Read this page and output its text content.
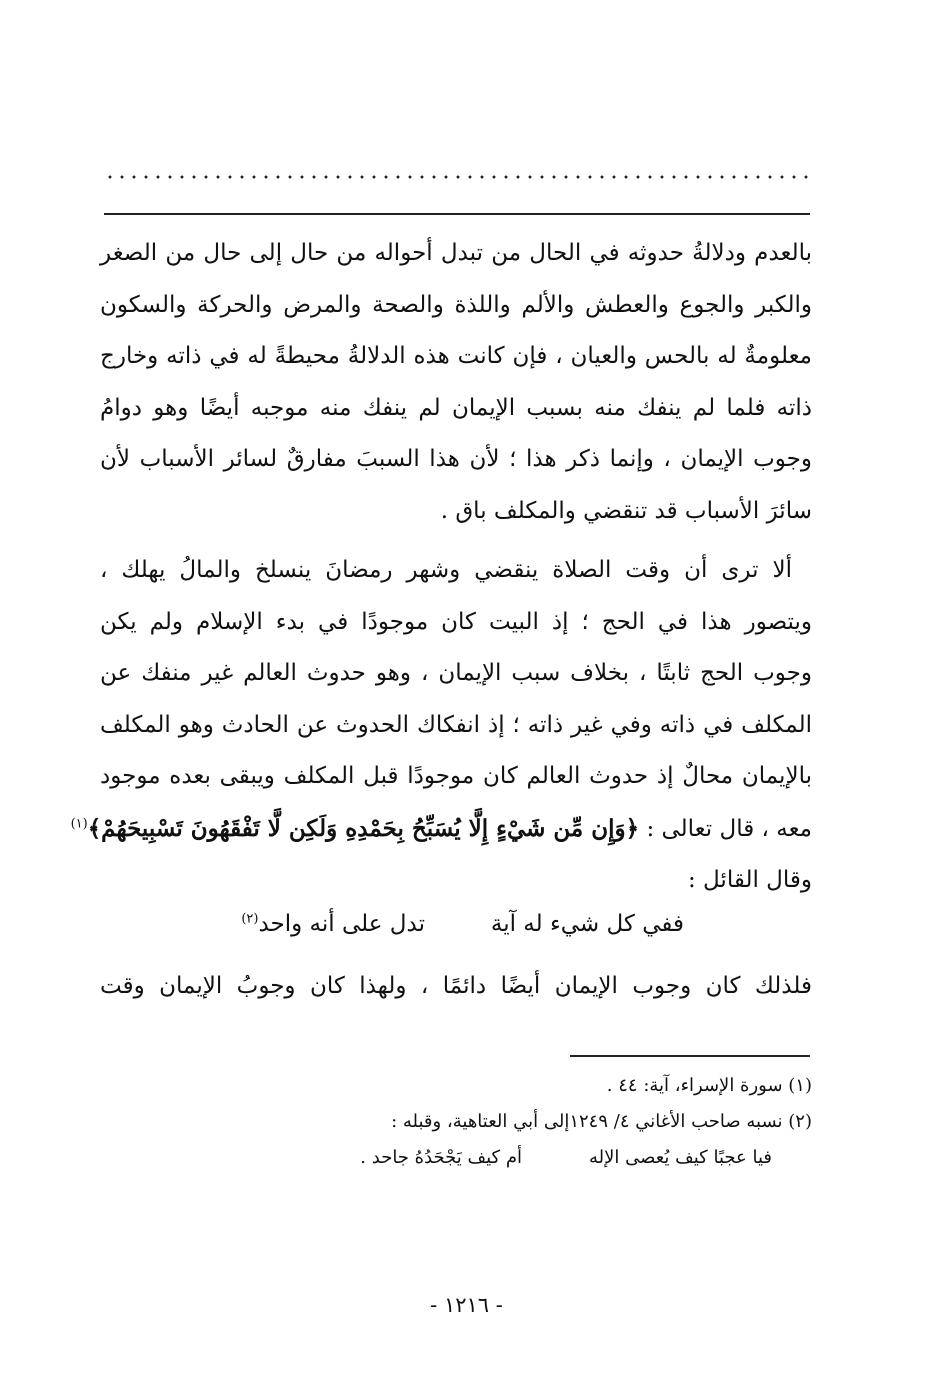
بالعدم ودلالةُ حدوثه في الحال من تبدل أحواله من حال إلى حال من الصغر
والكبر والجوع والعطش والألم واللذة والصحة والمرض والحركة والسكون
معلومةٌ له بالحس والعيان ، فإن كانت هذه الدلالةُ محيطةً له في ذاته وخارج
ذاته فلما لم ينفك منه بسبب الإيمان لم ينفك منه موجبه أيضًا وهو دوامُ
وجوب الإيمان ، وإنما ذكر هذا ؛ لأن هذا السببَ مفارقٌ لسائر الأسباب لأن
سائرَ الأسباب قد تنقضي والمكلف باق .

ألا ترى أن وقت الصلاة ينقضي وشهر رمضانَ ينسلخ والمالُ يهلك ،
ويتصور هذا في الحج ؛ إذ البيت كان موجودًا في بدء الإسلام ولم يكن
وجوب الحج ثابتًا ، بخلاف سبب الإيمان ، وهو حدوث العالم غير منفك عن
المكلف في ذاته وفي غير ذاته ؛ إذ انفكاك الحدوث عن الحادث وهو المكلف
بالإيمان محالٌ إذ حدوث العالم كان موجودًا قبل المكلف ويبقى بعده موجود
معه ، قال تعالى : ﴿وَإِن مِّن شَيْءٍ إِلَّا يُسَبِّحُ بِحَمْدِهِ وَلَكِن لَّا تَفْقَهُونَ تَسْبِيحَهُمْ﴾$^{(١)}$
وقال القائل :

ففي كل شيء له آية
تدل على أنه واحد$^{(٢)}$
فلذلك كان وجوب الإيمان أيضًا دائمًا ، ولهذا كان وجوبُ الإيمان وقت
(١) سورة الإسراء، آية: ٤٤ .
(٢) نسبه صاحب الأغاني ٤/ ١٢٤٩إلى أبي العتاهية، وقبله :
فيا عجبًا كيف يُعصى الإله
أم كيف يَجْحَدُهُ جاحد .
- ١٢١٦ -
